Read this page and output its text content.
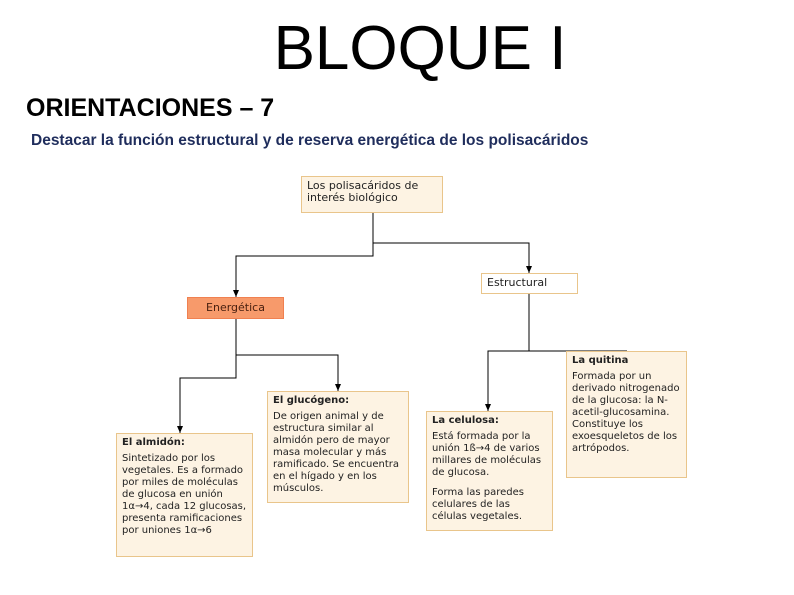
BLOQUE I
ORIENTACIONES – 7
Destacar la función estructural y de reserva energética de los polisacáridos
Los polisacáridos de interés biológico
Estructural
Energética
La quitina
Formada por un derivado nitrogenado de la glucosa: la N-acetil-glucosamina. Constituye los exoesqueletos de los artrópodos.
La celulosa:
Está formada por la unión 1ß→4 de varios millares de moléculas de glucosa.
Forma las paredes celulares de las células vegetales.
El glucógeno:
De origen animal y de estructura similar al almidón pero de mayor masa molecular y más ramificado. Se encuentra en el hígado y en los músculos.
El almidón:
Sintetizado por los vegetales. Es a formado por miles de moléculas de glucosa en unión 1α→4, cada 12 glucosas, presenta ramificaciones por uniones 1α→6
